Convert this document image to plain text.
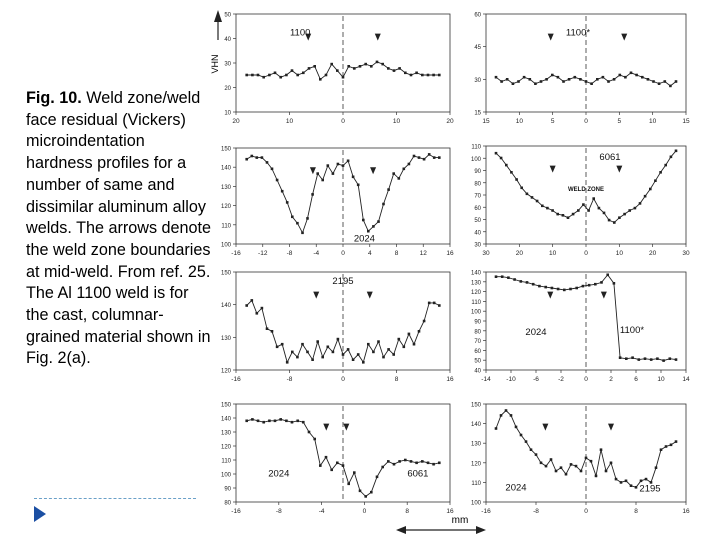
Fig. 10. Weld zone/weld face residual (Vickers) microindentation hardness profiles for a number of same and dissimilar aluminum alloy welds. The arrows denote the weld zone boundaries at mid-weld. From ref. 25. The Al 1100 weld is for the cast, columnar-grained material shown in Fig. 2(a).
VHN
20	10	0	10	20
50
40
30
20
10
1100
15	10	5	0	5	10	15
60
45
30
15
1100*
-16	-12	-8	-4	0	4	8	12	16
150
140
130
120
110
100
2024
30	20	10	0	10	20	30
110
100
90
80
70
60
50
40
30
6061
WELD ZONE
-16	-8	0	8	16
150
140
130
120
2195
-14 -10	-6	-2	0	2	6	10	14
140
130
120
110
100
90
80
70
60
50
40
2024	1100*
-16	-8	-4	0	8	16
150
140
130
120
110
100
90
80
2024	6061
-16	-8	0	8	16
150
140
130
120
110
100
2024	2195
mm
